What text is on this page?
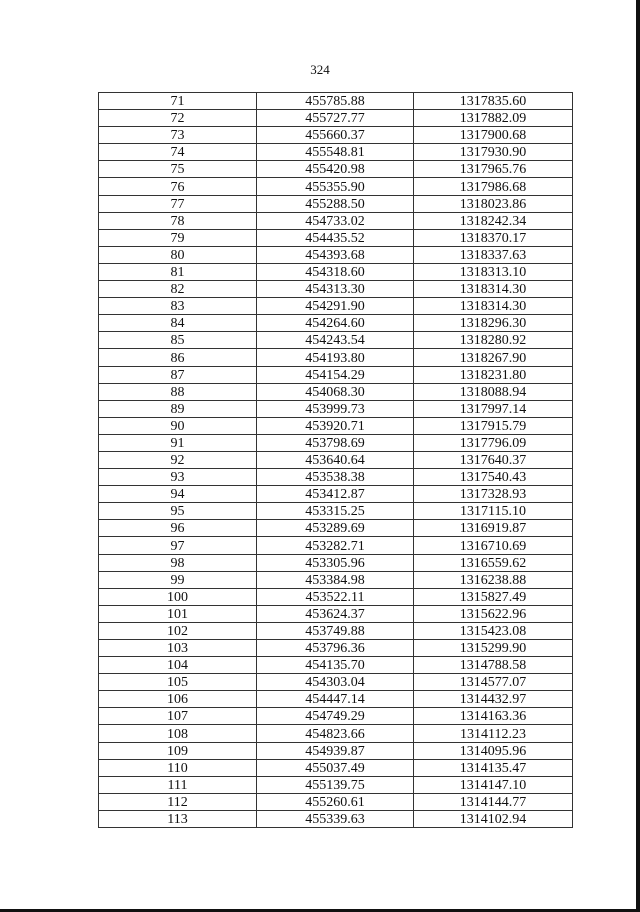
324
71	455785.88	1317835.60
72	455727.77	1317882.09
73	455660.37	1317900.68
74	455548.81	1317930.90
75	455420.98	1317965.76
76	455355.90	1317986.68
77	455288.50	1318023.86
78	454733.02	1318242.34
79	454435.52	1318370.17
80	454393.68	1318337.63
81	454318.60	1318313.10
82	454313.30	1318314.30
83	454291.90	1318314.30
84	454264.60	1318296.30
85	454243.54	1318280.92
86	454193.80	1318267.90
87	454154.29	1318231.80
88	454068.30	1318088.94
89	453999.73	1317997.14
90	453920.71	1317915.79
91	453798.69	1317796.09
92	453640.64	1317640.37
93	453538.38	1317540.43
94	453412.87	1317328.93
95	453315.25	1317115.10
96	453289.69	1316919.87
97	453282.71	1316710.69
98	453305.96	1316559.62
99	453384.98	1316238.88
100	453522.11	1315827.49
101	453624.37	1315622.96
102	453749.88	1315423.08
103	453796.36	1315299.90
104	454135.70	1314788.58
105	454303.04	1314577.07
106	454447.14	1314432.97
107	454749.29	1314163.36
108	454823.66	1314112.23
109	454939.87	1314095.96
110	455037.49	1314135.47
111	455139.75	1314147.10
112	455260.61	1314144.77
113	455339.63	1314102.94
